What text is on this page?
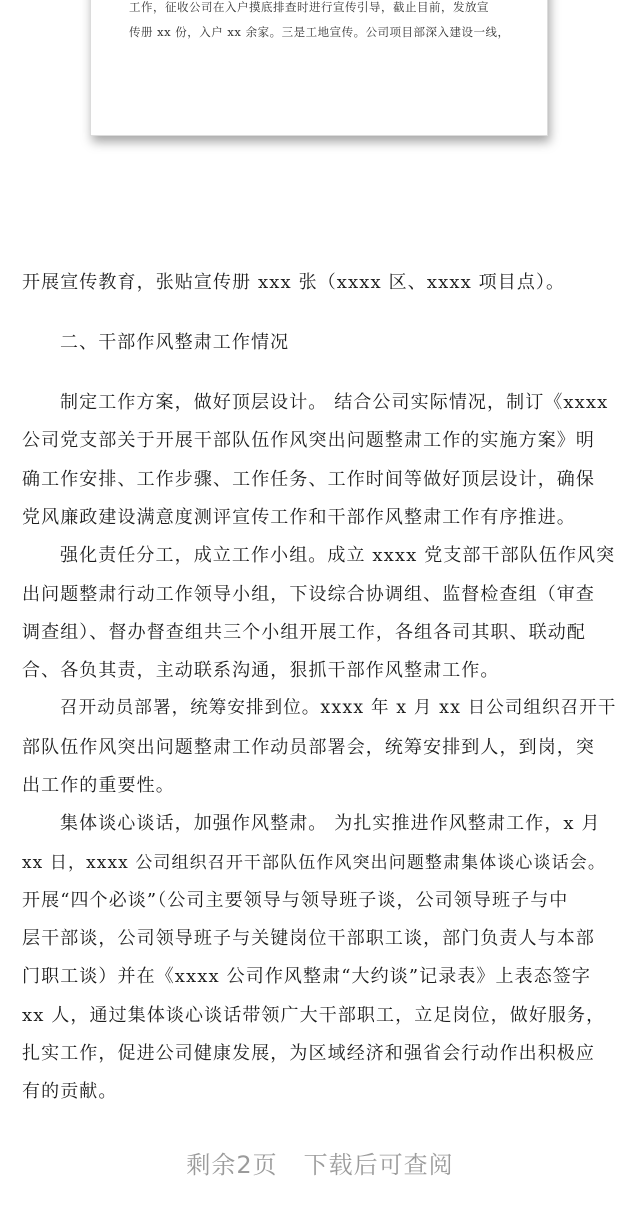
工作，征收公司在入户摸底排查时进行宣传引导，截止目前，发放宣
传册 xx 份，入户 xx 余家。三是工地宣传。公司项目部深入建设一线，
开展宣传教育，张贴宣传册 xxx 张（xxxx 区、xxxx 项目点）。
二、干部作风整肃工作情况
制定工作方案，做好顶层设计。 结合公司实际情况，制订《xxxx
公司党支部关于开展干部队伍作风突出问题整肃工作的实施方案》明
确工作安排、工作步骤、工作任务、工作时间等做好顶层设计，确保
党风廉政建设满意度测评宣传工作和干部作风整肃工作有序推进。
强化责任分工，成立工作小组。成立 xxxx 党支部干部队伍作风突
出问题整肃行动工作领导小组，下设综合协调组、监督检查组（审查
调查组）、督办督查组共三个小组开展工作，各组各司其职、联动配
合、各负其责，主动联系沟通，狠抓干部作风整肃工作。
召开动员部署，统筹安排到位。xxxx 年 x 月 xx 日公司组织召开干
部队伍作风突出问题整肃工作动员部署会，统筹安排到人，到岗，突
出工作的重要性。
集体谈心谈话，加强作风整肃。 为扎实推进作风整肃工作，x 月
xx 日，xxxx 公司组织召开干部队伍作风突出问题整肃集体谈心谈话会。
开展“四个必谈”（公司主要领导与领导班子谈，公司领导班子与中
层干部谈，公司领导班子与关键岗位干部职工谈，部门负责人与本部
门职工谈）并在《xxxx 公司作风整肃“大约谈”记录表》上表态签字
xx 人，通过集体谈心谈话带领广大干部职工，立足岗位，做好服务，
扎实工作，促进公司健康发展，为区域经济和强省会行动作出积极应
有的贡献。
剩余2页 下载后可查阅
